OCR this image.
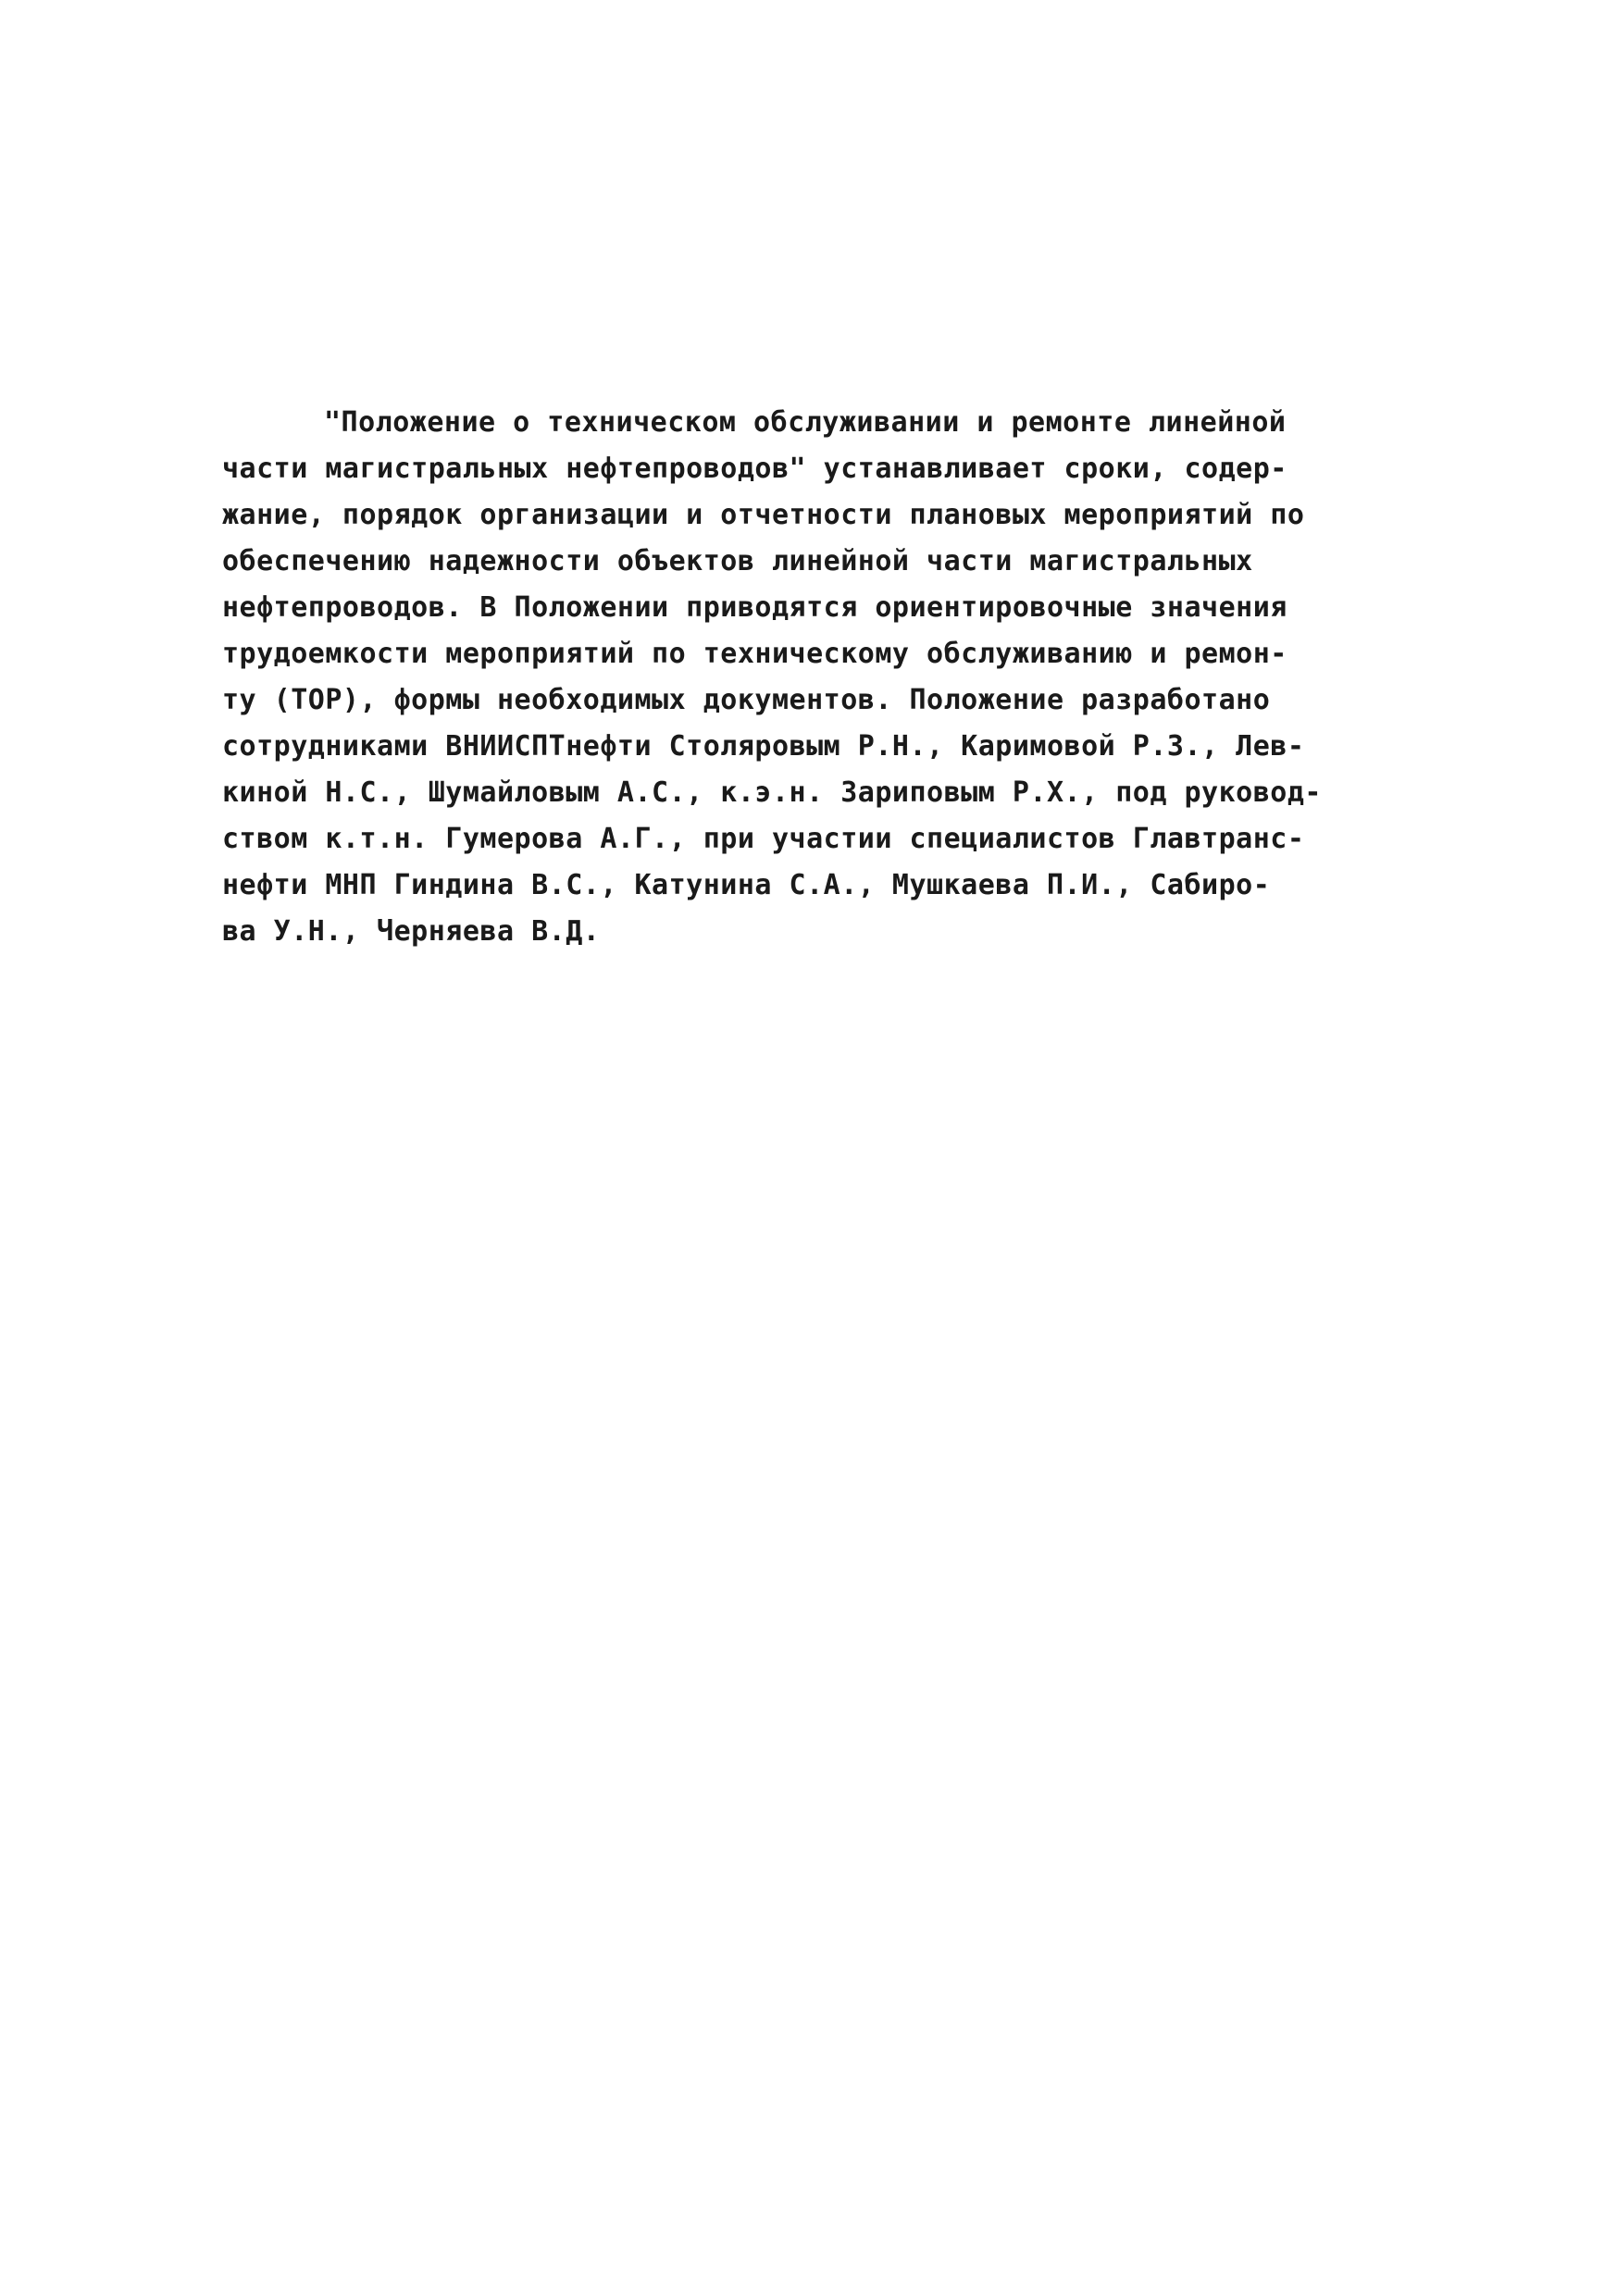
"Положение о техническом обслуживании и ремонте линейной
части магистральных нефтепроводов" устанавливает сроки, содер-
жание, порядок организации и отчетности плановых мероприятий по
обеспечению надежности объектов линейной части магистральных
нефтепроводов. В Положении приводятся ориентировочные значения
трудоемкости мероприятий по техническому обслуживанию и ремон-
ту (ТОР), формы необходимых документов. Положение разработано
сотрудниками ВНИИСПТнефти Столяровым Р.Н., Каримовой Р.З., Лев-
киной Н.С., Шумайловым А.С., к.э.н. Зариповым Р.Х., под руковод-
ством к.т.н. Гумерова А.Г., при участии специалистов Главтранс-
нефти МНП Гиндина В.С., Катунина С.А., Мушкаева П.И., Сабиро-
ва У.Н., Черняева В.Д.
